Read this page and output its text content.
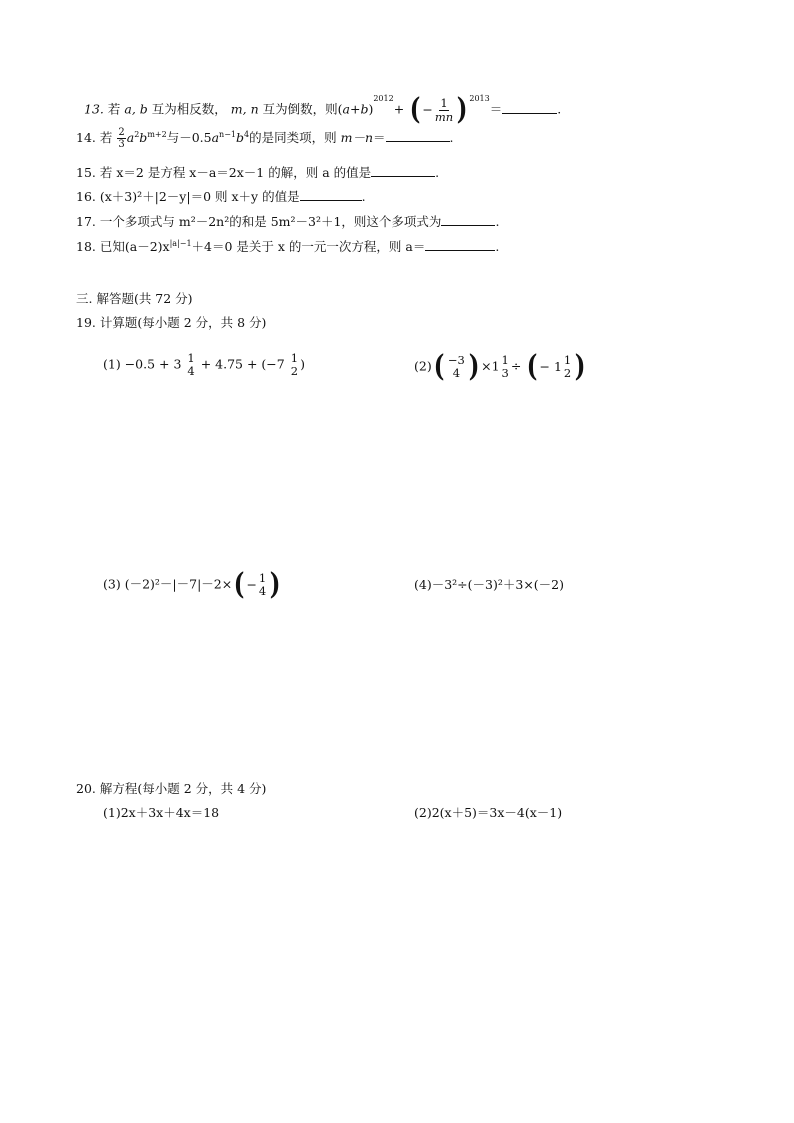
13. 若 a, b 互为相反数， m, n 互为倒数，则$(a+b)^{2012}+$ ( − $\frac{1}{mn}$ ) $^{2013}$＝	.
14. 若 $\frac{2}{3} a^2b^{m+2}$与$-0.5a^{n-1}b^4$的是同类项，则 m－n＝	.
15. 若 x＝2 是方程 x－a＝2x－1 的解，则 a 的值是	.
16. (x＋3)²＋|2－y|＝0 则 x＋y 的值是	.
17. 一个多项式与 m²－2n²的和是 5m²－3²＋1，则这个多项式为	.
18. 已知$(a-2)x^{|a|-1}+4=0$ 是关于 x 的一元一次方程，则 a＝	.
三. 解答题(共 72 分)
19. 计算题(每小题 2 分，共 8 分)
(1) −0.5 + 3 1
4 + 4.75 + (−7 1
2 )	(2) ( −3
4 ) ×1 1
3 ÷ ( − 1 1
2 )
(3) (－2)²－|－7|－2× ( − 1
4 )	(4)－3²÷(－3)²＋3×(－2)
20. 解方程(每小题 2 分，共 4 分)
(1)2x＋3x＋4x＝18	(2)2(x＋5)＝3x－4(x－1)
